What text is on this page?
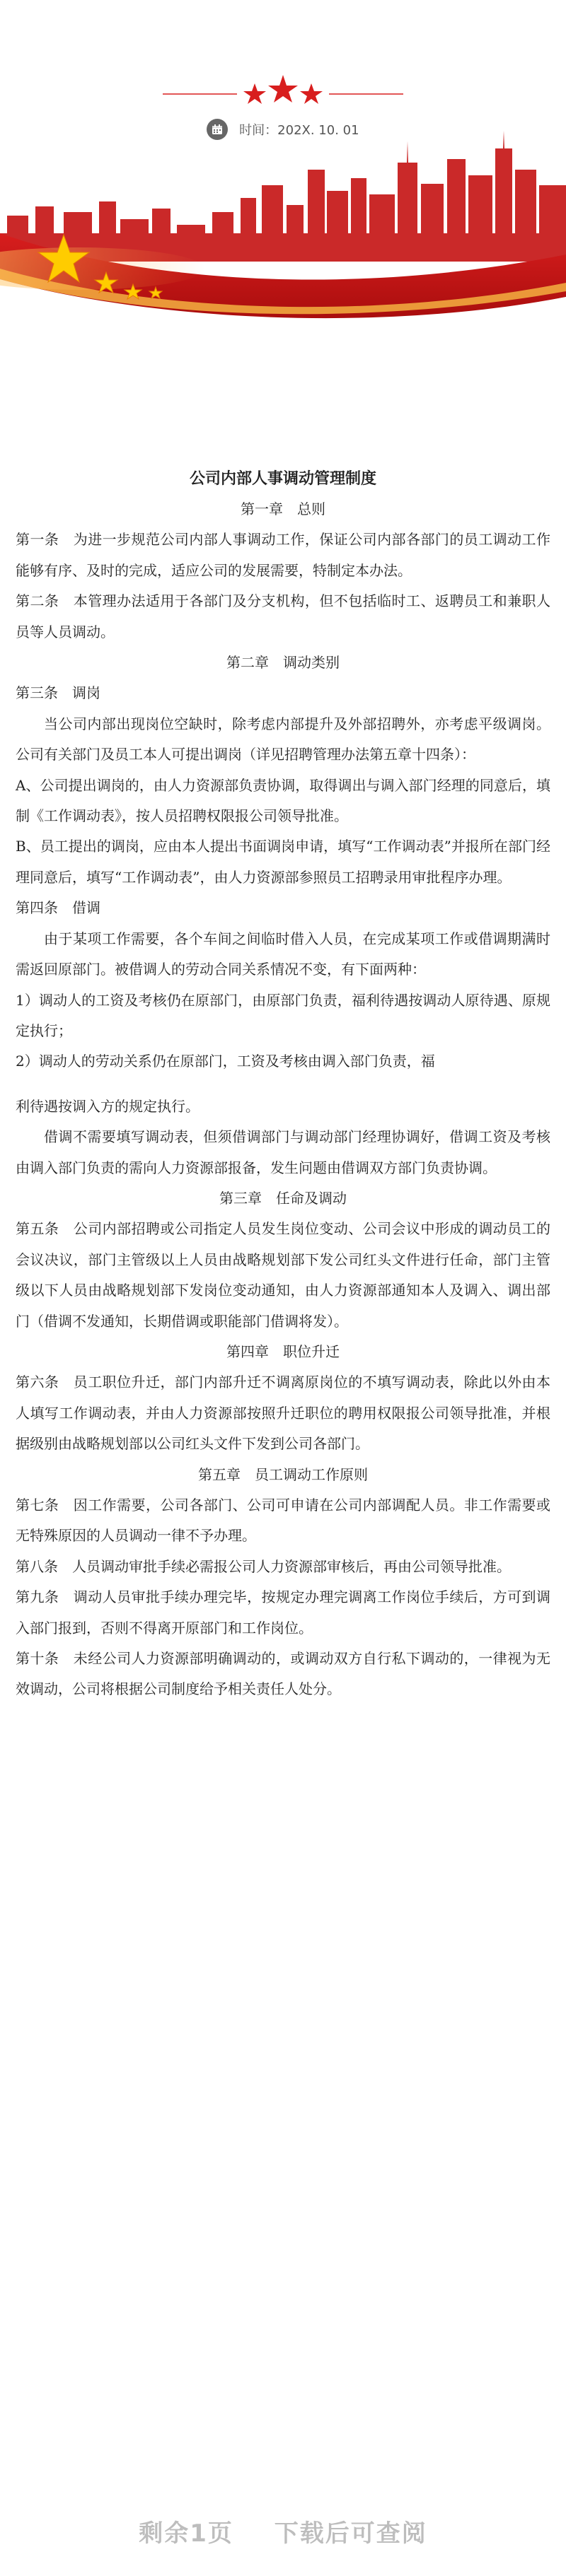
时间：202X. 10. 01

公司内部人事调动管理制度

第一章　总则

第一条　为进一步规范公司内部人事调动工作，保证公司内部各部门的员工调动工作能够有序、及时的完成，适应公司的发展需要，特制定本办法。

第二条　本管理办法适用于各部门及分支机构，但不包括临时工、返聘员工和兼职人员等人员调动。

第二章　调动类别

第三条　调岗

当公司内部出现岗位空缺时，除考虑内部提升及外部招聘外，亦考虑平级调岗。公司有关部门及员工本人可提出调岗（详见招聘管理办法第五章十四条）：

A、公司提出调岗的，由人力资源部负责协调，取得调出与调入部门经理的同意后，填制《工作调动表》，按人员招聘权限报公司领导批准。

B、员工提出的调岗，应由本人提出书面调岗申请，填写“工作调动表”并报所在部门经理同意后，填写“工作调动表”，由人力资源部参照员工招聘录用审批程序办理。

第四条　借调

由于某项工作需要，各个车间之间临时借入人员，在完成某项工作或借调期满时需返回原部门。被借调人的劳动合同关系情况不变，有下面两种：

1）调动人的工资及考核仍在原部门，由原部门负责，福利待遇按调动人原待遇、原规定执行；

2）调动人的劳动关系仍在原部门，工资及考核由调入部门负责，福

利待遇按调入方的规定执行。

借调不需要填写调动表，但须借调部门与调动部门经理协调好，借调工资及考核由调入部门负责的需向人力资源部报备，发生问题由借调双方部门负责协调。

第三章　任命及调动

第五条　公司内部招聘或公司指定人员发生岗位变动、公司会议中形成的调动员工的会议决议，部门主管级以上人员由战略规划部下发公司红头文件进行任命，部门主管级以下人员由战略规划部下发岗位变动通知，由人力资源部通知本人及调入、调出部门（借调不发通知，长期借调或职能部门借调将发）。

第四章　职位升迁

第六条　员工职位升迁，部门内部升迁不调离原岗位的不填写调动表，除此以外由本人填写工作调动表，并由人力资源部按照升迁职位的聘用权限报公司领导批准，并根据级别由战略规划部以公司红头文件下发到公司各部门。

第五章　员工调动工作原则

第七条　因工作需要，公司各部门、公司可申请在公司内部调配人员。非工作需要或无特殊原因的人员调动一律不予办理。

第八条　人员调动审批手续必需报公司人力资源部审核后，再由公司领导批准。

第九条　调动人员审批手续办理完毕，按规定办理完调离工作岗位手续后，方可到调入部门报到，否则不得离开原部门和工作岗位。

第十条　未经公司人力资源部明确调动的，或调动双方自行私下调动的，一律视为无效调动，公司将根据公司制度给予相关责任人处分。

剩余1页 下载后可查阅
